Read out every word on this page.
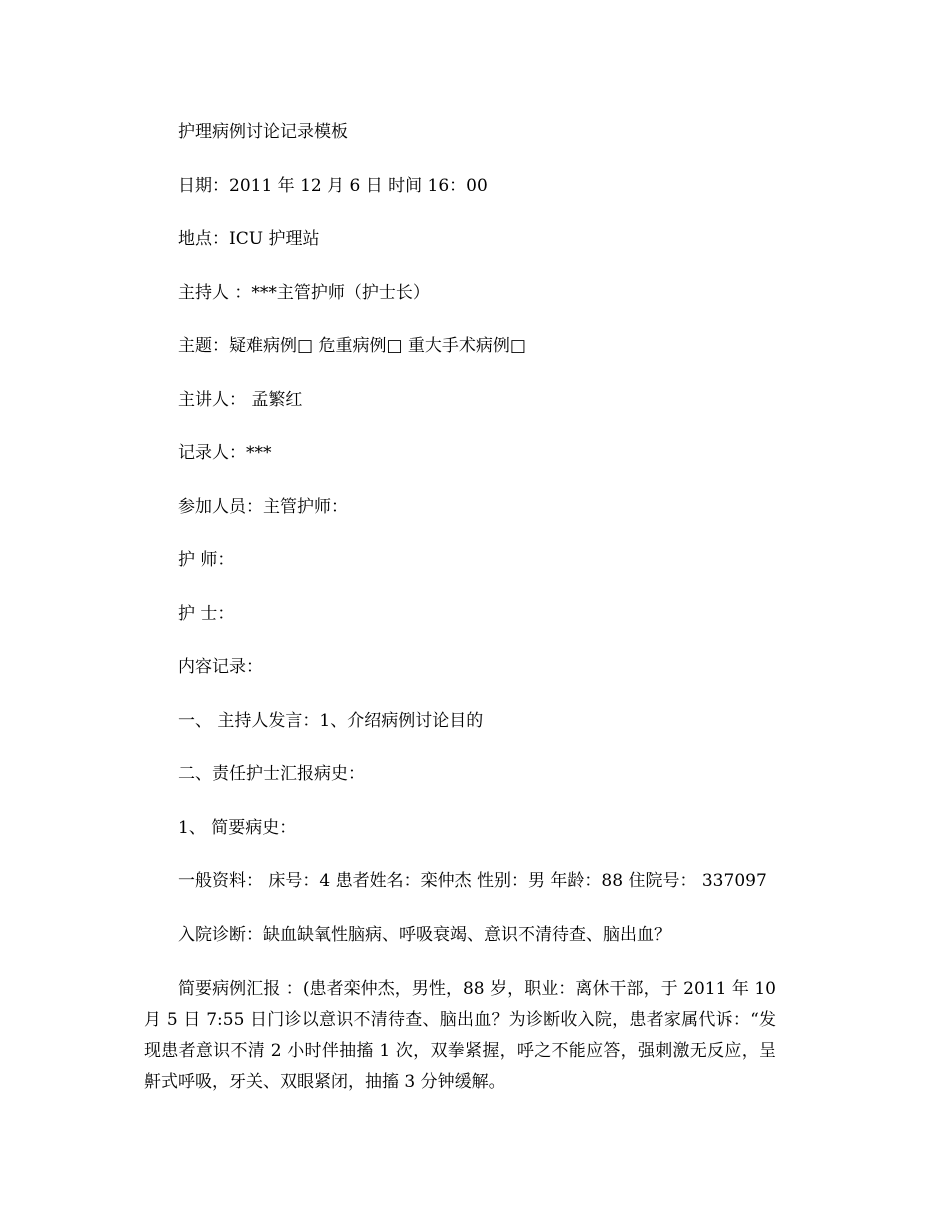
护理病例讨论记录模板
日期：2011 年 12 月 6 日 时间 16：00
地点：ICU 护理站
主持人 ：***主管护师（护士长）
主题：疑难病例□ 危重病例□ 重大手术病例□
主讲人： 孟繁红
记录人：***
参加人员：主管护师：
护 师：
护 士：
内容记录：
一、 主持人发言：1、介绍病例讨论目的
二、责任护士汇报病史：
1、 简要病史：
一般资料： 床号：4 患者姓名：栾仲杰 性别：男 年龄：88 住院号： 337097
入院诊断：缺血缺氧性脑病、呼吸衰竭、意识不清待查、脑出血？

简要病例汇报 ：(患者栾仲杰，男性，88 岁，职业：离休干部，于 2011 年 10 月 5 日 7:55 日门诊以意识不清待查、脑出血？为诊断收入院，患者家属代诉：“发现患者意识不清 2 小时伴抽搐 1 次，双拳紧握，呼之不能应答，强刺激无反应，呈鼾式呼吸，牙关、双眼紧闭，抽搐 3 分钟缓解。
